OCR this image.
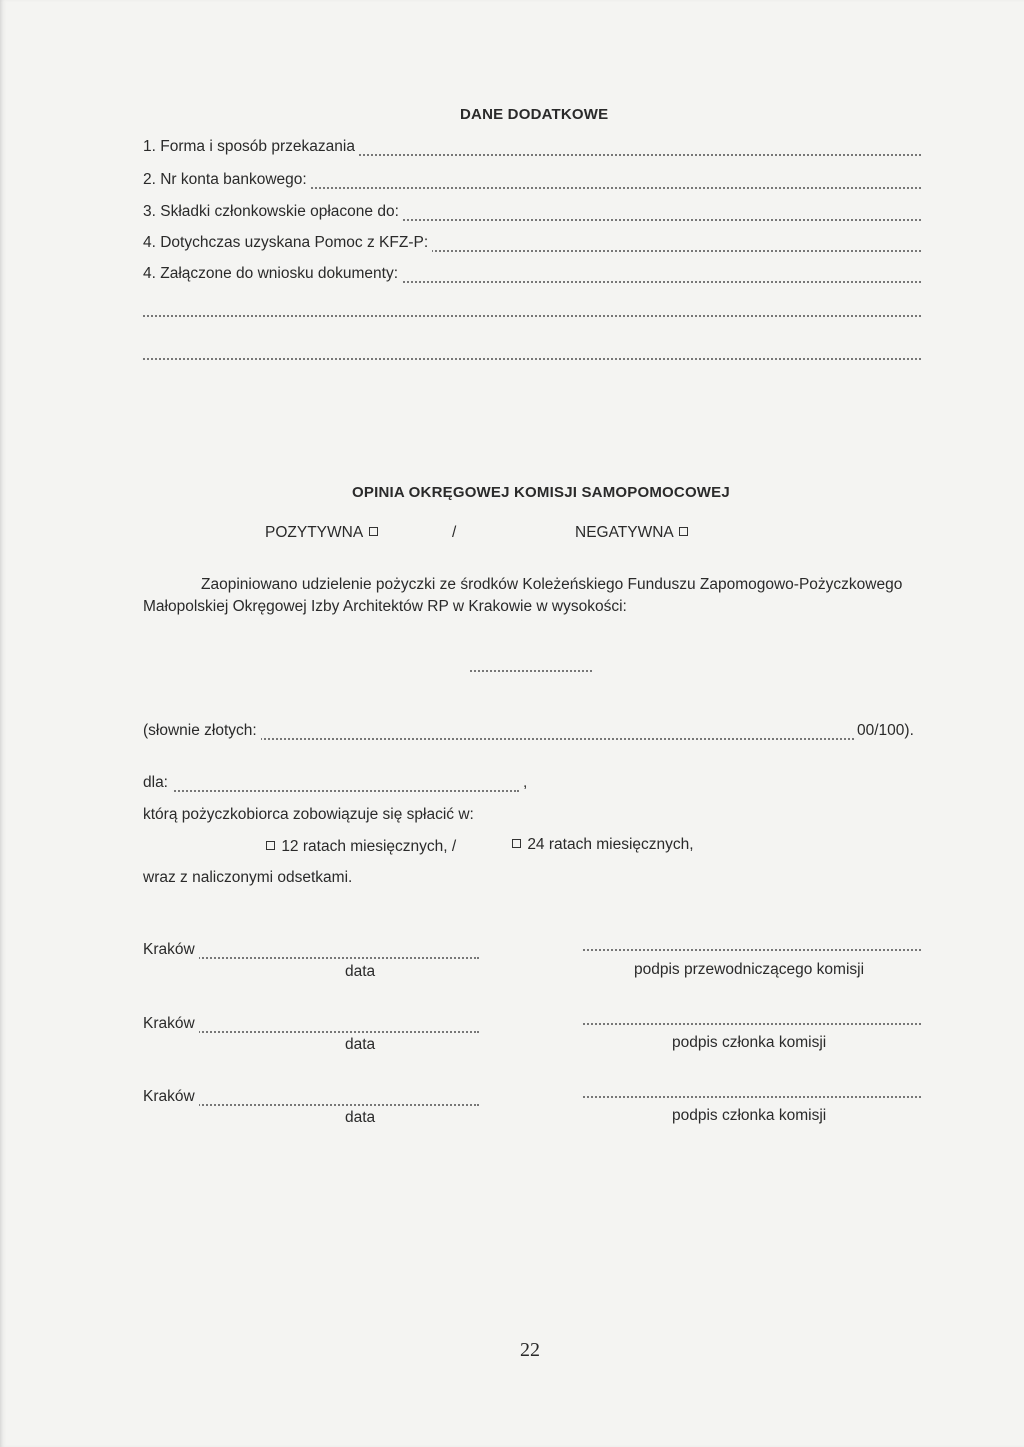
DANE DODATKOWE
1. Forma i sposób przekazania
2. Nr konta bankowego:
3. Składki członkowskie opłacone do:
4. Dotychczas uzyskana Pomoc z KFZ-P:
4. Załączone do wniosku dokumenty:
OPINIA OKRĘGOWEJ KOMISJI SAMOPOMOCOWEJ
POZYTYWNA	/	NEGATYWNA
Zaopiniowano udzielenie pożyczki ze środków Koleżeńskiego Funduszu Zapomogowo-Pożyczkowego
Małopolskiej Okręgowej Izby Architektów RP w Krakowie w wysokości:
(słownie złotych:	00/100).
dla:	,
którą pożyczkobiorca zobowiązuje się spłacić w:
12 ratach miesięcznych, /	24 ratach miesięcznych,
wraz z naliczonymi odsetkami.
Kraków
data	podpis przewodniczącego komisji
Kraków
data	podpis członka komisji
Kraków
data	podpis członka komisji
22
